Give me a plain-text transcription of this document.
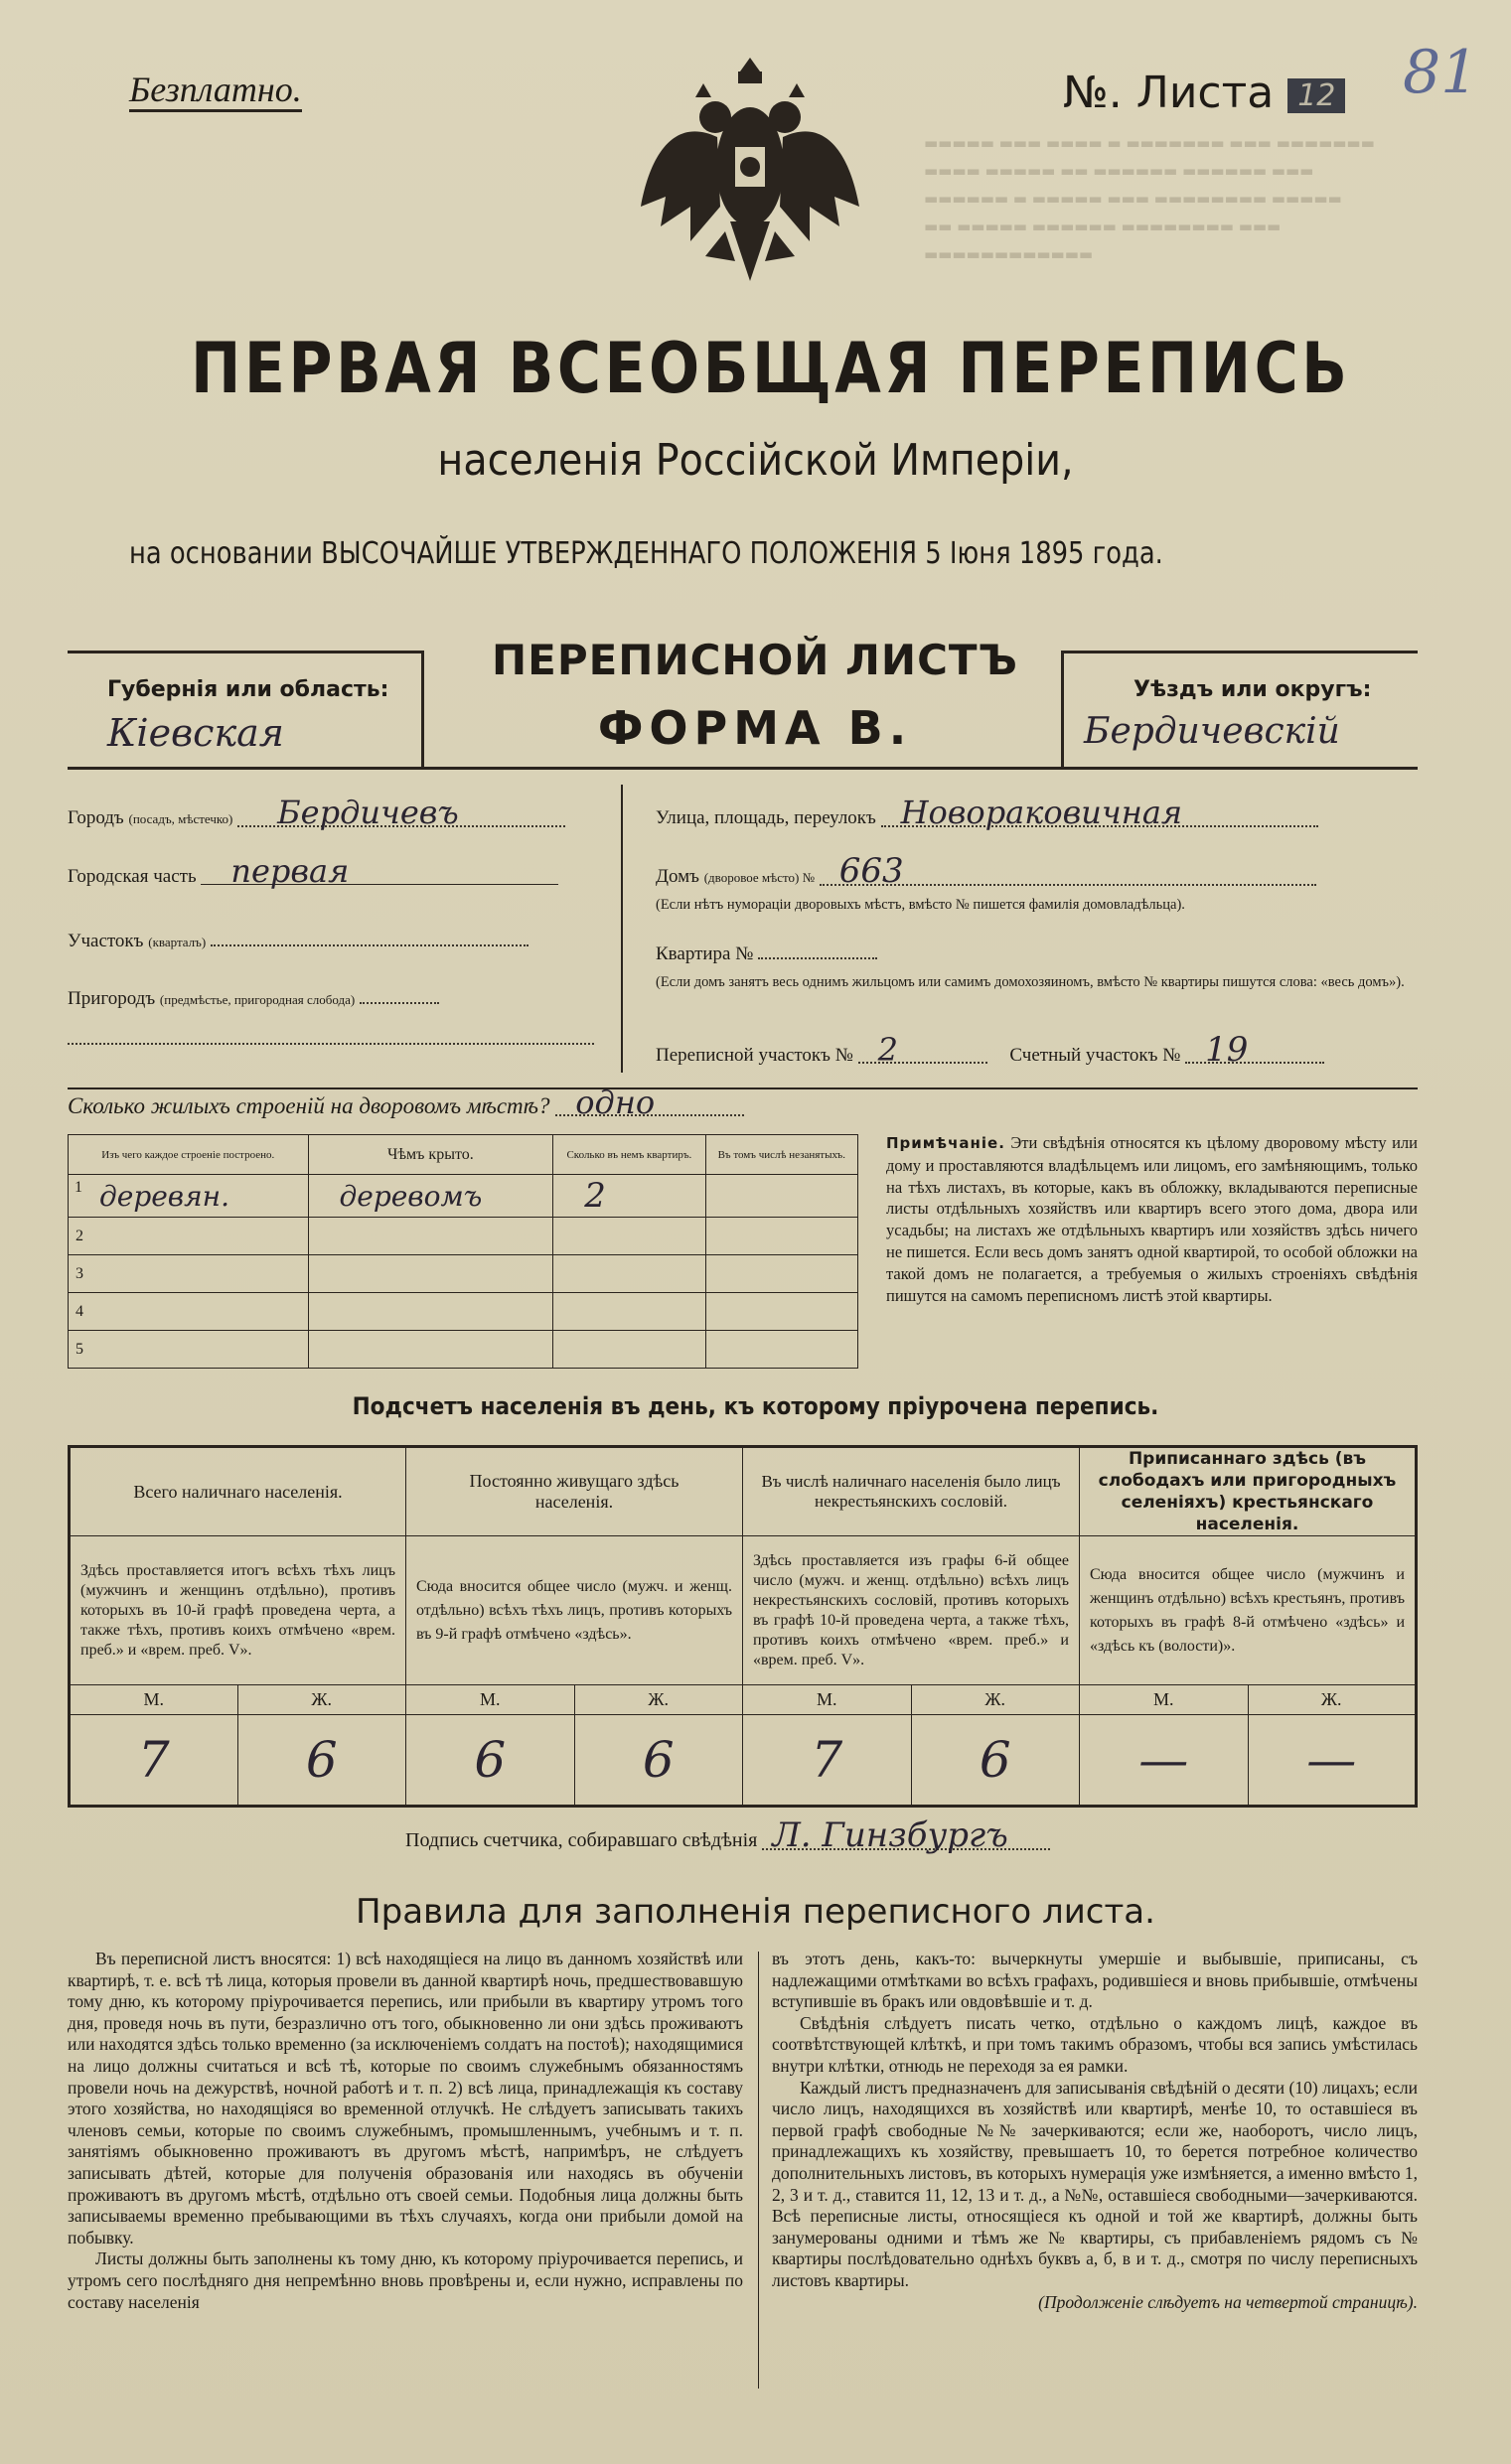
▬▬▬▬▬ ▬▬▬ ▬▬▬▬ ▬ ▬▬▬▬▬▬▬ ▬▬▬ ▬▬▬▬▬▬▬
▬▬▬▬ ▬▬▬▬▬ ▬▬ ▬▬▬▬▬▬ ▬▬▬▬▬▬ ▬▬▬
▬▬▬▬▬▬ ▬ ▬▬▬▬▬ ▬▬▬ ▬▬▬▬▬▬▬▬ ▬▬▬▬▬
▬▬ ▬▬▬▬▬ ▬▬▬▬▬▬ ▬▬▬▬▬▬▬▬ ▬▬▬
▬▬▬▬▬▬▬▬▬▬▬▬
Безплатно.	№. Листа 12 81
ПЕРВАЯ ВСЕОБЩАЯ ПЕРЕПИСЬ
населенія Россійской Имперіи,
на основании ВЫСОЧАЙШЕ УТВЕРЖДЕННАГО ПОЛОЖЕНІЯ 5 Іюня 1895 года.
Губернія или область:
Кіевская
ПЕРЕПИСНОЙ ЛИСТЪ
ФОРМА В.
Уѣздъ или округъ:
Бердичевскій
Городъ (посадъ, мѣстечко) Бердичевъ
Городская часть первая
Участокъ (кварталъ)
Пригородъ (предмѣстье, пригородная слобода)
Улица, площадь, переулокъ Новораковичная
Домъ (дворовое мѣсто) № 663
(Если нѣтъ нумораціи дворовыхъ мѣстъ, вмѣсто № пишется фамилія домовладѣльца).
Квартира №
(Если домъ занятъ весь однимъ жильцомъ или самимъ домохозяиномъ, вмѣсто № квартиры пишутся слова: «весь домъ»).
Переписной участокъ № 2	Счетный участокъ № 19
Сколько жилыхъ строеній на дворовомъ мѣстѣ? одно
Изъ чего каждое строеніе построено.	Чѣмъ крыто.	Сколько въ немъ квартиръ.	Въ томъ числѣ незанятыхъ.

1 деревян.	деревомъ	2	
2			
3			
4			
5			
Примѣчаніе. Эти свѣдѣнія относятся къ цѣлому дворовому мѣсту или дому и проставляются владѣльцемъ или лицомъ, его замѣняющимъ, только на тѣхъ листахъ, въ которые, какъ въ обложку, вкладываются переписные листы отдѣльныхъ хозяйствъ или квартиръ всего этого дома, двора или усадьбы; на листахъ же отдѣльныхъ квартиръ или хозяйствъ здѣсь ничего не пишется. Если весь домъ занятъ одной квартирой, то особой обложки на такой домъ не полагается, а требуемыя о жилыхъ строеніяхъ свѣдѣнія пишутся на самомъ переписномъ листѣ этой квартиры.
Подсчетъ населенія въ день, къ которому пріурочена перепись.
Всего наличнаго населенія.		Постоянно живущаго здѣсь населенія.		Въ числѣ наличнаго населенія было лицъ некрестьянскихъ сословій.		Приписаннаго здѣсь (въ слободахъ или пригородныхъ селеніяхъ) крестьянскаго населенія.	
Здѣсь проставляется итогъ всѣхъ тѣхъ лицъ (мужчинъ и женщинъ отдѣльно), противъ которыхъ въ 10-й графѣ проведена черта, а также тѣхъ, противъ коихъ отмѣчено «врем. преб.» и «врем. преб. V».		Сюда вносится общее число (мужч. и женщ. отдѣльно) всѣхъ тѣхъ лицъ, противъ которыхъ въ 9-й графѣ отмѣчено «здѣсь».		Здѣсь проставляется изъ графы 6-й общее число (мужч. и женщ. отдѣльно) всѣхъ лицъ некрестьянскихъ сословій, противъ которыхъ въ графѣ 10-й проведена черта, а также тѣхъ, противъ коихъ отмѣчено «врем. преб.» и «врем. преб. V».		Сюда вносится общее число (мужчинъ и женщинъ отдѣльно) всѣхъ крестьянъ, противъ которыхъ въ графѣ 8-й отмѣчено «здѣсь» и «здѣсь къ (волости)».	
М.	Ж.	М.	Ж.	М.	Ж.	М.	Ж.
7	6	6	6	7	6	—	—
Подпись счетчика, собиравшаго свѣдѣнія Л. Гинзбургъ
Правила для заполненія переписного листа.

Въ переписной листъ вносятся: 1) всѣ находящіеся на лицо въ данномъ хозяйствѣ или квартирѣ, т. е. всѣ тѣ лица, которыя провели въ данной квартирѣ ночь, предшествовавшую тому дню, къ которому пріурочивается перепись, или прибыли въ квартиру утромъ того дня, проведя ночь въ пути, безразлично отъ того, обыкновенно ли они здѣсь проживаютъ или находятся здѣсь только временно (за исключеніемъ солдатъ на постоѣ); находящимися на лицо должны считаться и всѣ тѣ, которые по своимъ служебнымъ обязанностямъ провели ночь на дежурствѣ, ночной работѣ и т. п. 2) всѣ лица, принадлежащія къ составу этого хозяйства, но находящіяся во временной отлучкѣ. Не слѣдуетъ записывать такихъ членовъ семьи, которые по своимъ служебнымъ, промышленнымъ, учебнымъ и т. п. занятіямъ обыкновенно проживаютъ въ другомъ мѣстѣ, напримѣръ, не слѣдуетъ записывать дѣтей, которые для полученія образованія или находясь въ обученіи проживаютъ въ другомъ мѣстѣ, отдѣльно отъ своей семьи. Подобныя лица должны быть записываемы временно пребывающими въ тѣхъ случаяхъ, когда они прибыли домой на побывку.

Листы должны быть заполнены къ тому дню, къ которому пріурочивается перепись, и утромъ сего послѣдняго дня непремѣнно вновь провѣрены и, если нужно, исправлены по составу населенія

въ этотъ день, какъ-то: вычеркнуты умершіе и выбывшіе, приписаны, съ надлежащими отмѣтками во всѣхъ графахъ, родившіеся и вновь прибывшіе, отмѣчены вступившіе въ бракъ или овдовѣвшіе и т. д.

Свѣдѣнія слѣдуетъ писать четко, отдѣльно о каждомъ лицѣ, каждое въ соотвѣтствующей клѣткѣ, и при томъ такимъ образомъ, чтобы вся запись умѣстилась внутри клѣтки, отнюдь не переходя за ея рамки.

Каждый листъ предназначенъ для записыванія свѣдѣній о десяти (10) лицахъ; если число лицъ, находящихся въ хозяйствѣ или квартирѣ, менѣе 10, то оставшіеся въ первой графѣ свободные №№ зачеркиваются; если же, наоборотъ, число лицъ, принадлежащихъ къ хозяйству, превышаетъ 10, то берется потребное количество дополнительныхъ листовъ, въ которыхъ нумерація уже измѣняется, а именно вмѣсто 1, 2, 3 и т. д., ставится 11, 12, 13 и т. д., а №№, оставшіеся свободными—зачеркиваются. Всѣ переписные листы, относящіеся къ одной и той же квартирѣ, должны быть занумерованы одними и тѣмъ же № квартиры, съ прибавленіемъ рядомъ съ № квартиры послѣдовательно однѣхъ буквъ а, б, в и т. д., смотря по числу переписныхъ листовъ квартиры.

(Продолженіе слѣдуетъ на четвертой страницѣ).
